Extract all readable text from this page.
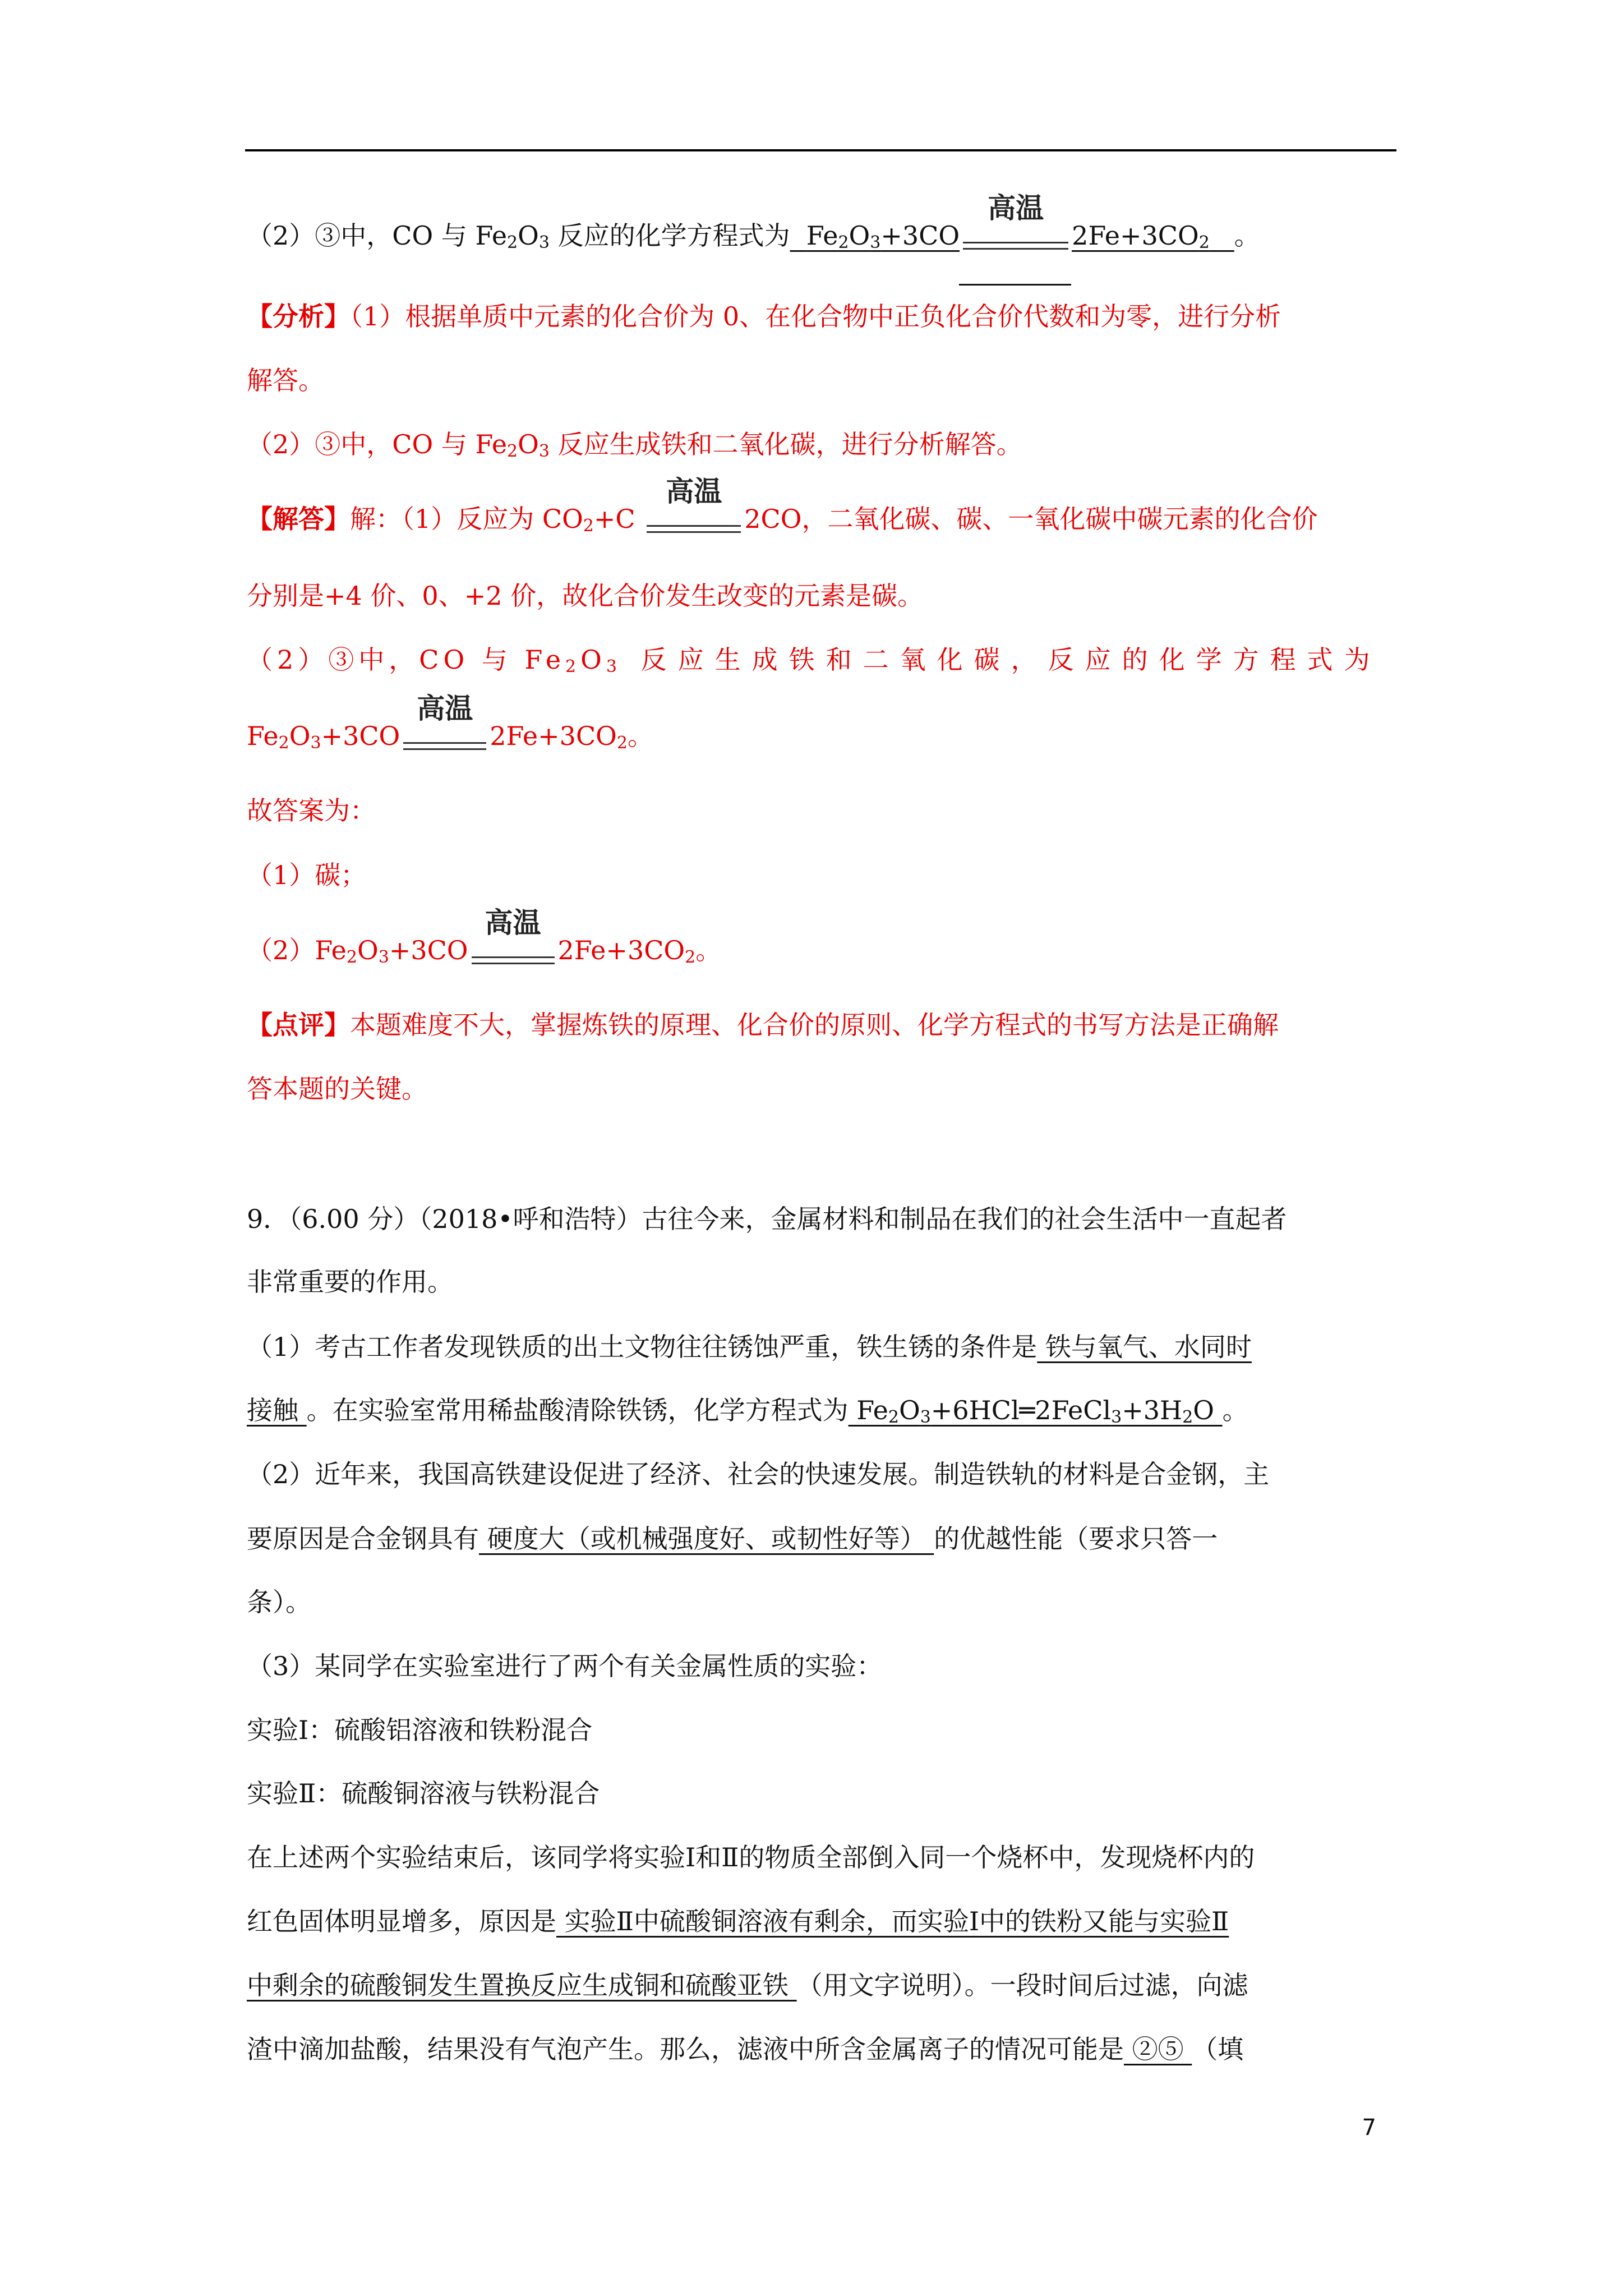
（2）③中，CO 与 $Fe_2O_3$ 反应的化学方程式为 $Fe_2O_3+3CO$
高温
$2Fe+3CO_2$ 。
【分析】（1）根据单质中元素的化合价为 0、在化合物中正负化合价代数和为零，进行分析
解答。
（2）③中，CO 与 $Fe_2O_3$ 反应生成铁和二氧化碳，进行分析解答。
【解答】解：（1）反应为 $CO_2+C$
高温
2CO，二氧化碳、碳、一氧化碳中碳元素的化合价
分别是+4 价、0、+2 价，故化合价发生改变的元素是碳。
（2）③中，CO 与 $Fe_2O_3$ 反应生成铁和二氧化碳，反应的化学方程式为
$Fe_2O_3+3CO$
高温
$2Fe+3CO_2$。
故答案为：
（1）碳；
$(2)Fe_2O_3+3CO$
高温
$2Fe+3CO_2$。
【点评】本题难度不大，掌握炼铁的原理、化合价的原则、化学方程式的书写方法是正确解
答本题的关键。
9．（6.00 分）（2018•呼和浩特）古往今来，金属材料和制品在我们的社会生活中一直起者
非常重要的作用。
（1）考古工作者发现铁质的出土文物往往锈蚀严重，铁生锈的条件是 铁与氧气、水同时
接触 。在实验室常用稀盐酸清除铁锈，化学方程式为 $Fe_2O_3+6HCl═2FeCl_3+3H_2O$ 。
（2）近年来，我国高铁建设促进了经济、社会的快速发展。制造铁轨的材料是合金钢，主
要原因是合金钢具有 硬度大（或机械强度好、或韧性好等） 的优越性能（要求只答一
条）。
（3）某同学在实验室进行了两个有关金属性质的实验：
实验Ⅰ：硫酸铝溶液和铁粉混合
实验Ⅱ：硫酸铜溶液与铁粉混合
在上述两个实验结束后，该同学将实验Ⅰ和Ⅱ的物质全部倒入同一个烧杯中，发现烧杯内的
红色固体明显增多，原因是 实验Ⅱ中硫酸铜溶液有剩余，而实验Ⅰ中的铁粉又能与实验Ⅱ
中剩余的硫酸铜发生置换反应生成铜和硫酸亚铁 （用文字说明）。一段时间后过滤，向滤
渣中滴加盐酸，结果没有气泡产生。那么，滤液中所含金属离子的情况可能是 ②⑤ （填
7
